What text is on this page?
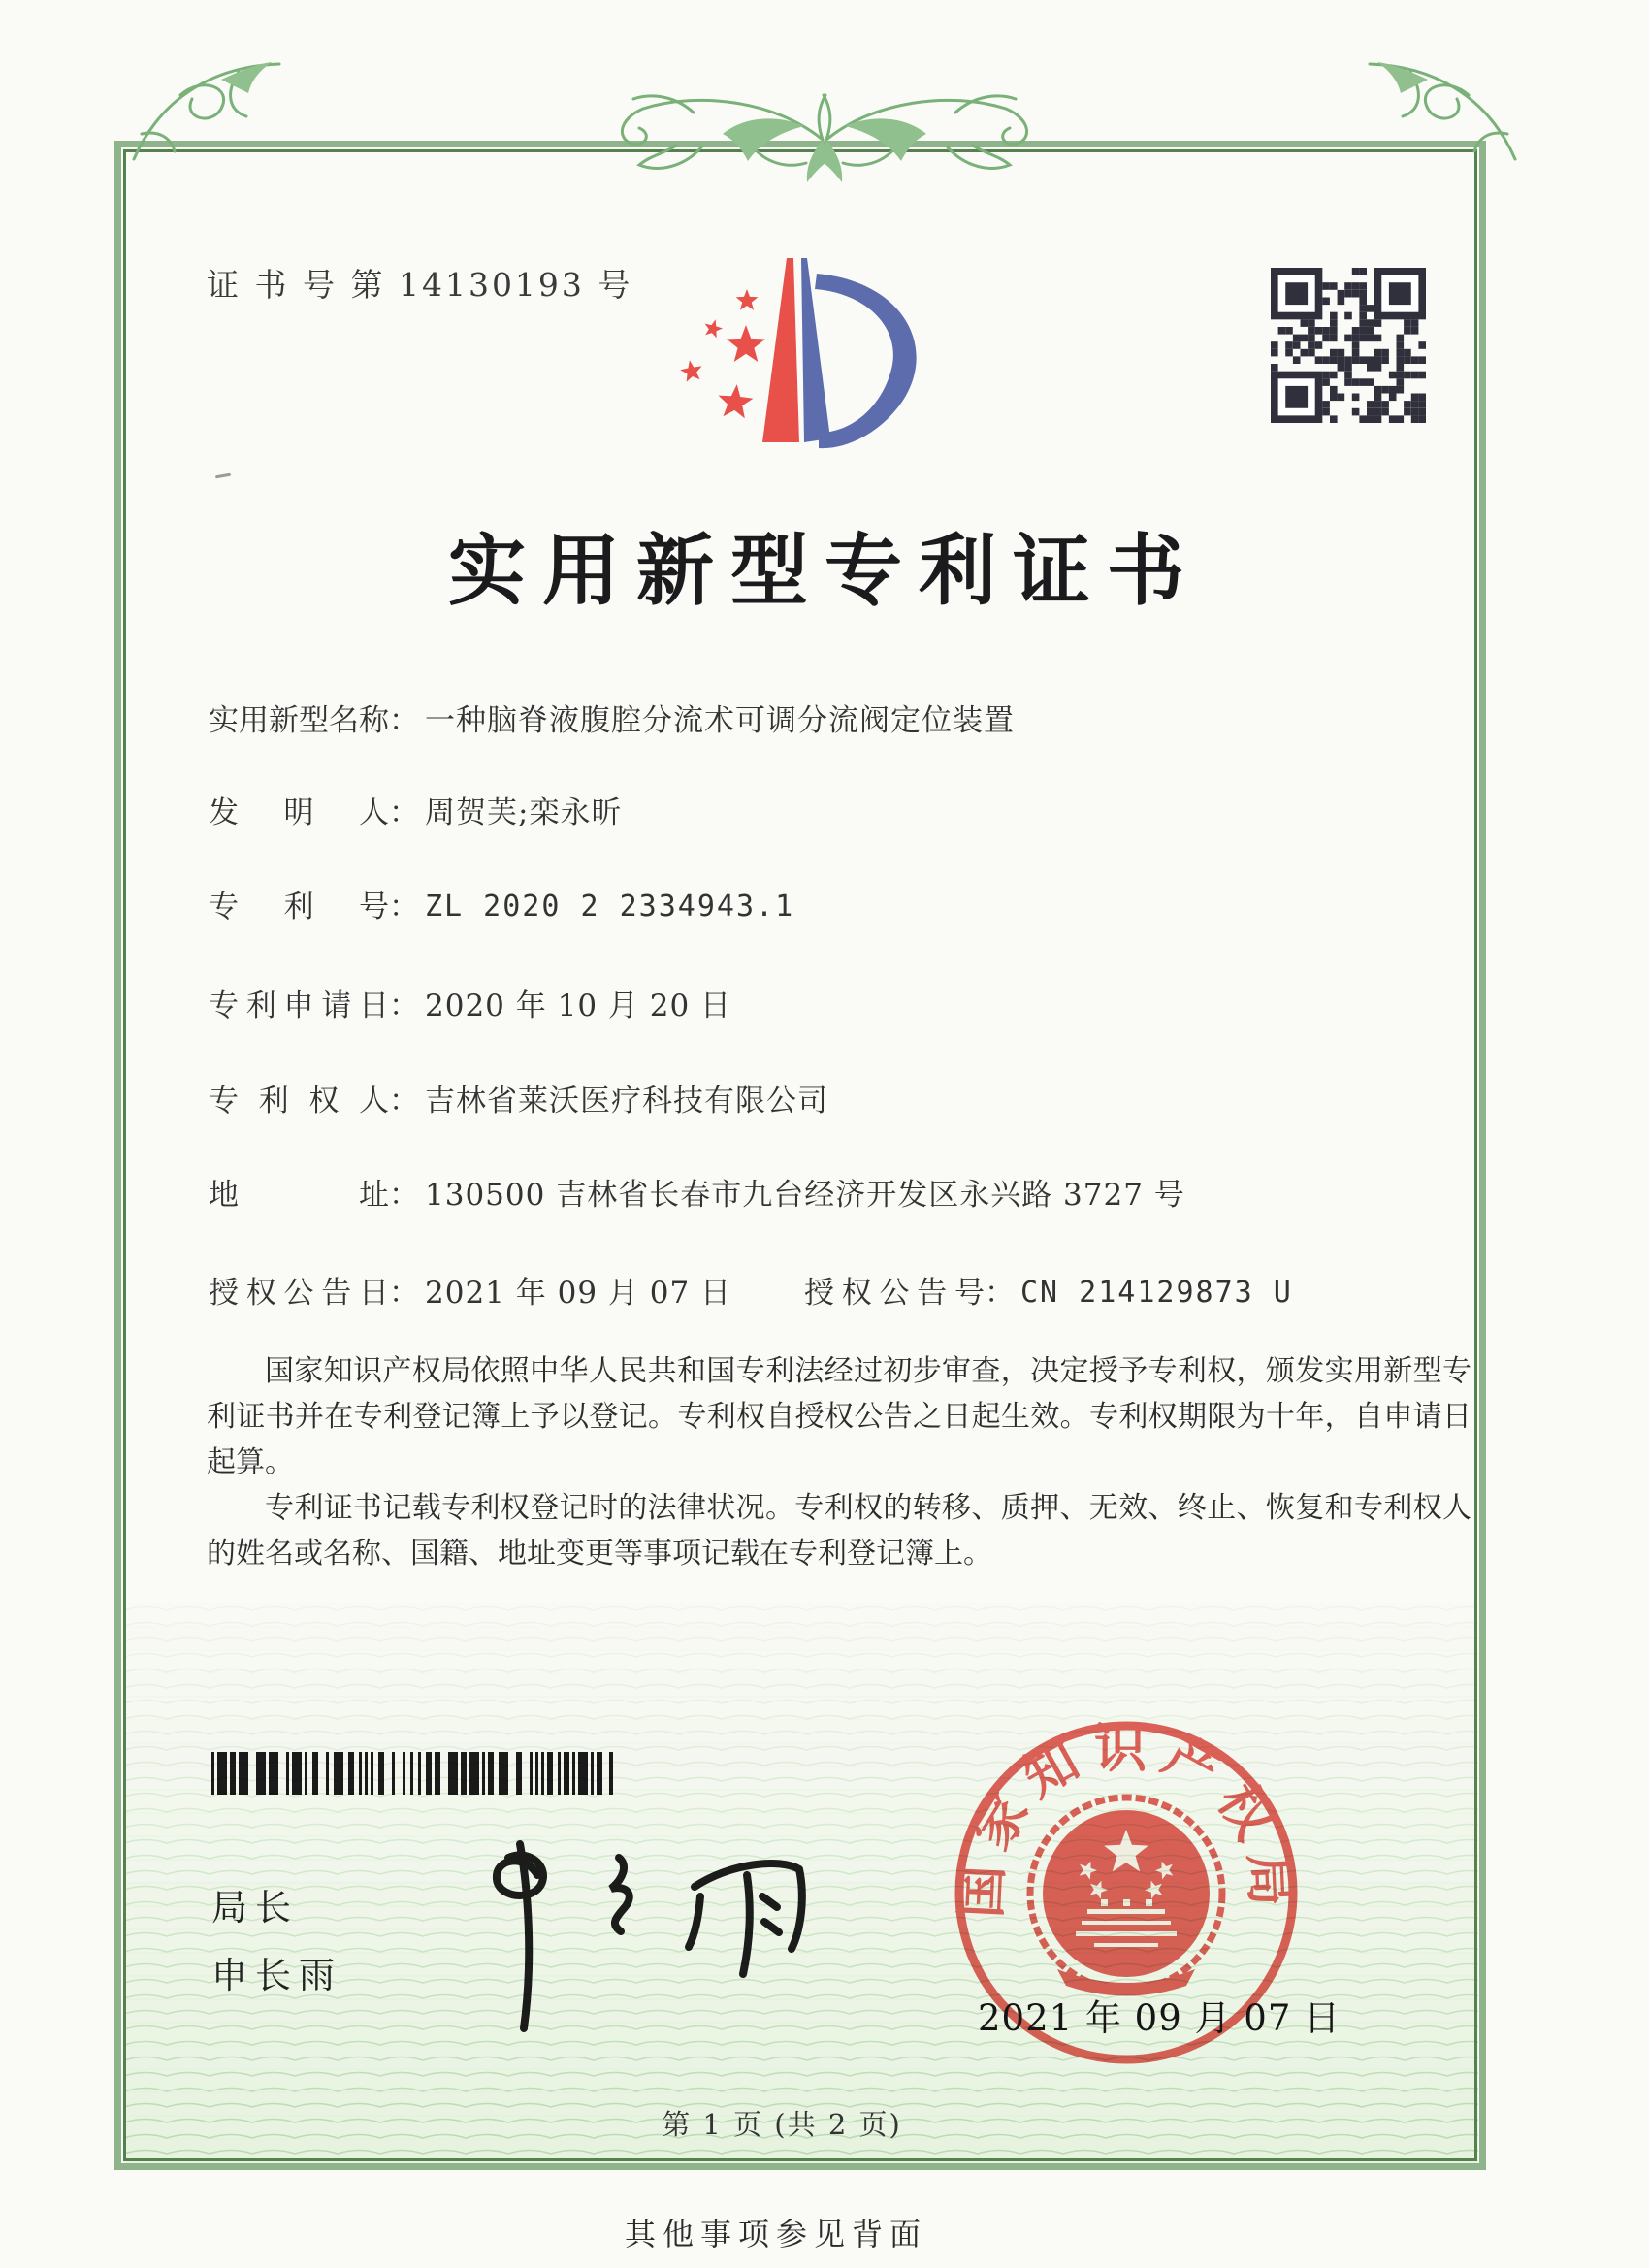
证 书 号 第 14130193 号
实用新型专利证书
实用新型名称： 一种脑脊液腹腔分流术可调分流阀定位装置
发明人： 周贺芙;栾永昕
专利号： ZL 2020 2 2334943.1
专利申请日： 2020 年 10 月 20 日
专利权人： 吉林省莱沃医疗科技有限公司
地址： 130500 吉林省长春市九台经济开发区永兴路 3727 号
授权公告日： 2021 年 09 月 07 日 授权公告号： CN 214129873 U

国家知识产权局依照中华人民共和国专利法经过初步审查，决定授予专利权，颁发实用新型专利证书并在专利登记簿上予以登记。专利权自授权公告之日起生效。专利权期限为十年，自申请日起算。

专利证书记载专利权登记时的法律状况。专利权的转移、质押、无效、终止、恢复和专利权人的姓名或名称、国籍、地址变更等事项记载在专利登记簿上。

局长
申长雨
国家知识产权局
2021 年 09 月 07 日
第 1 页 (共 2 页)
其他事项参见背面
